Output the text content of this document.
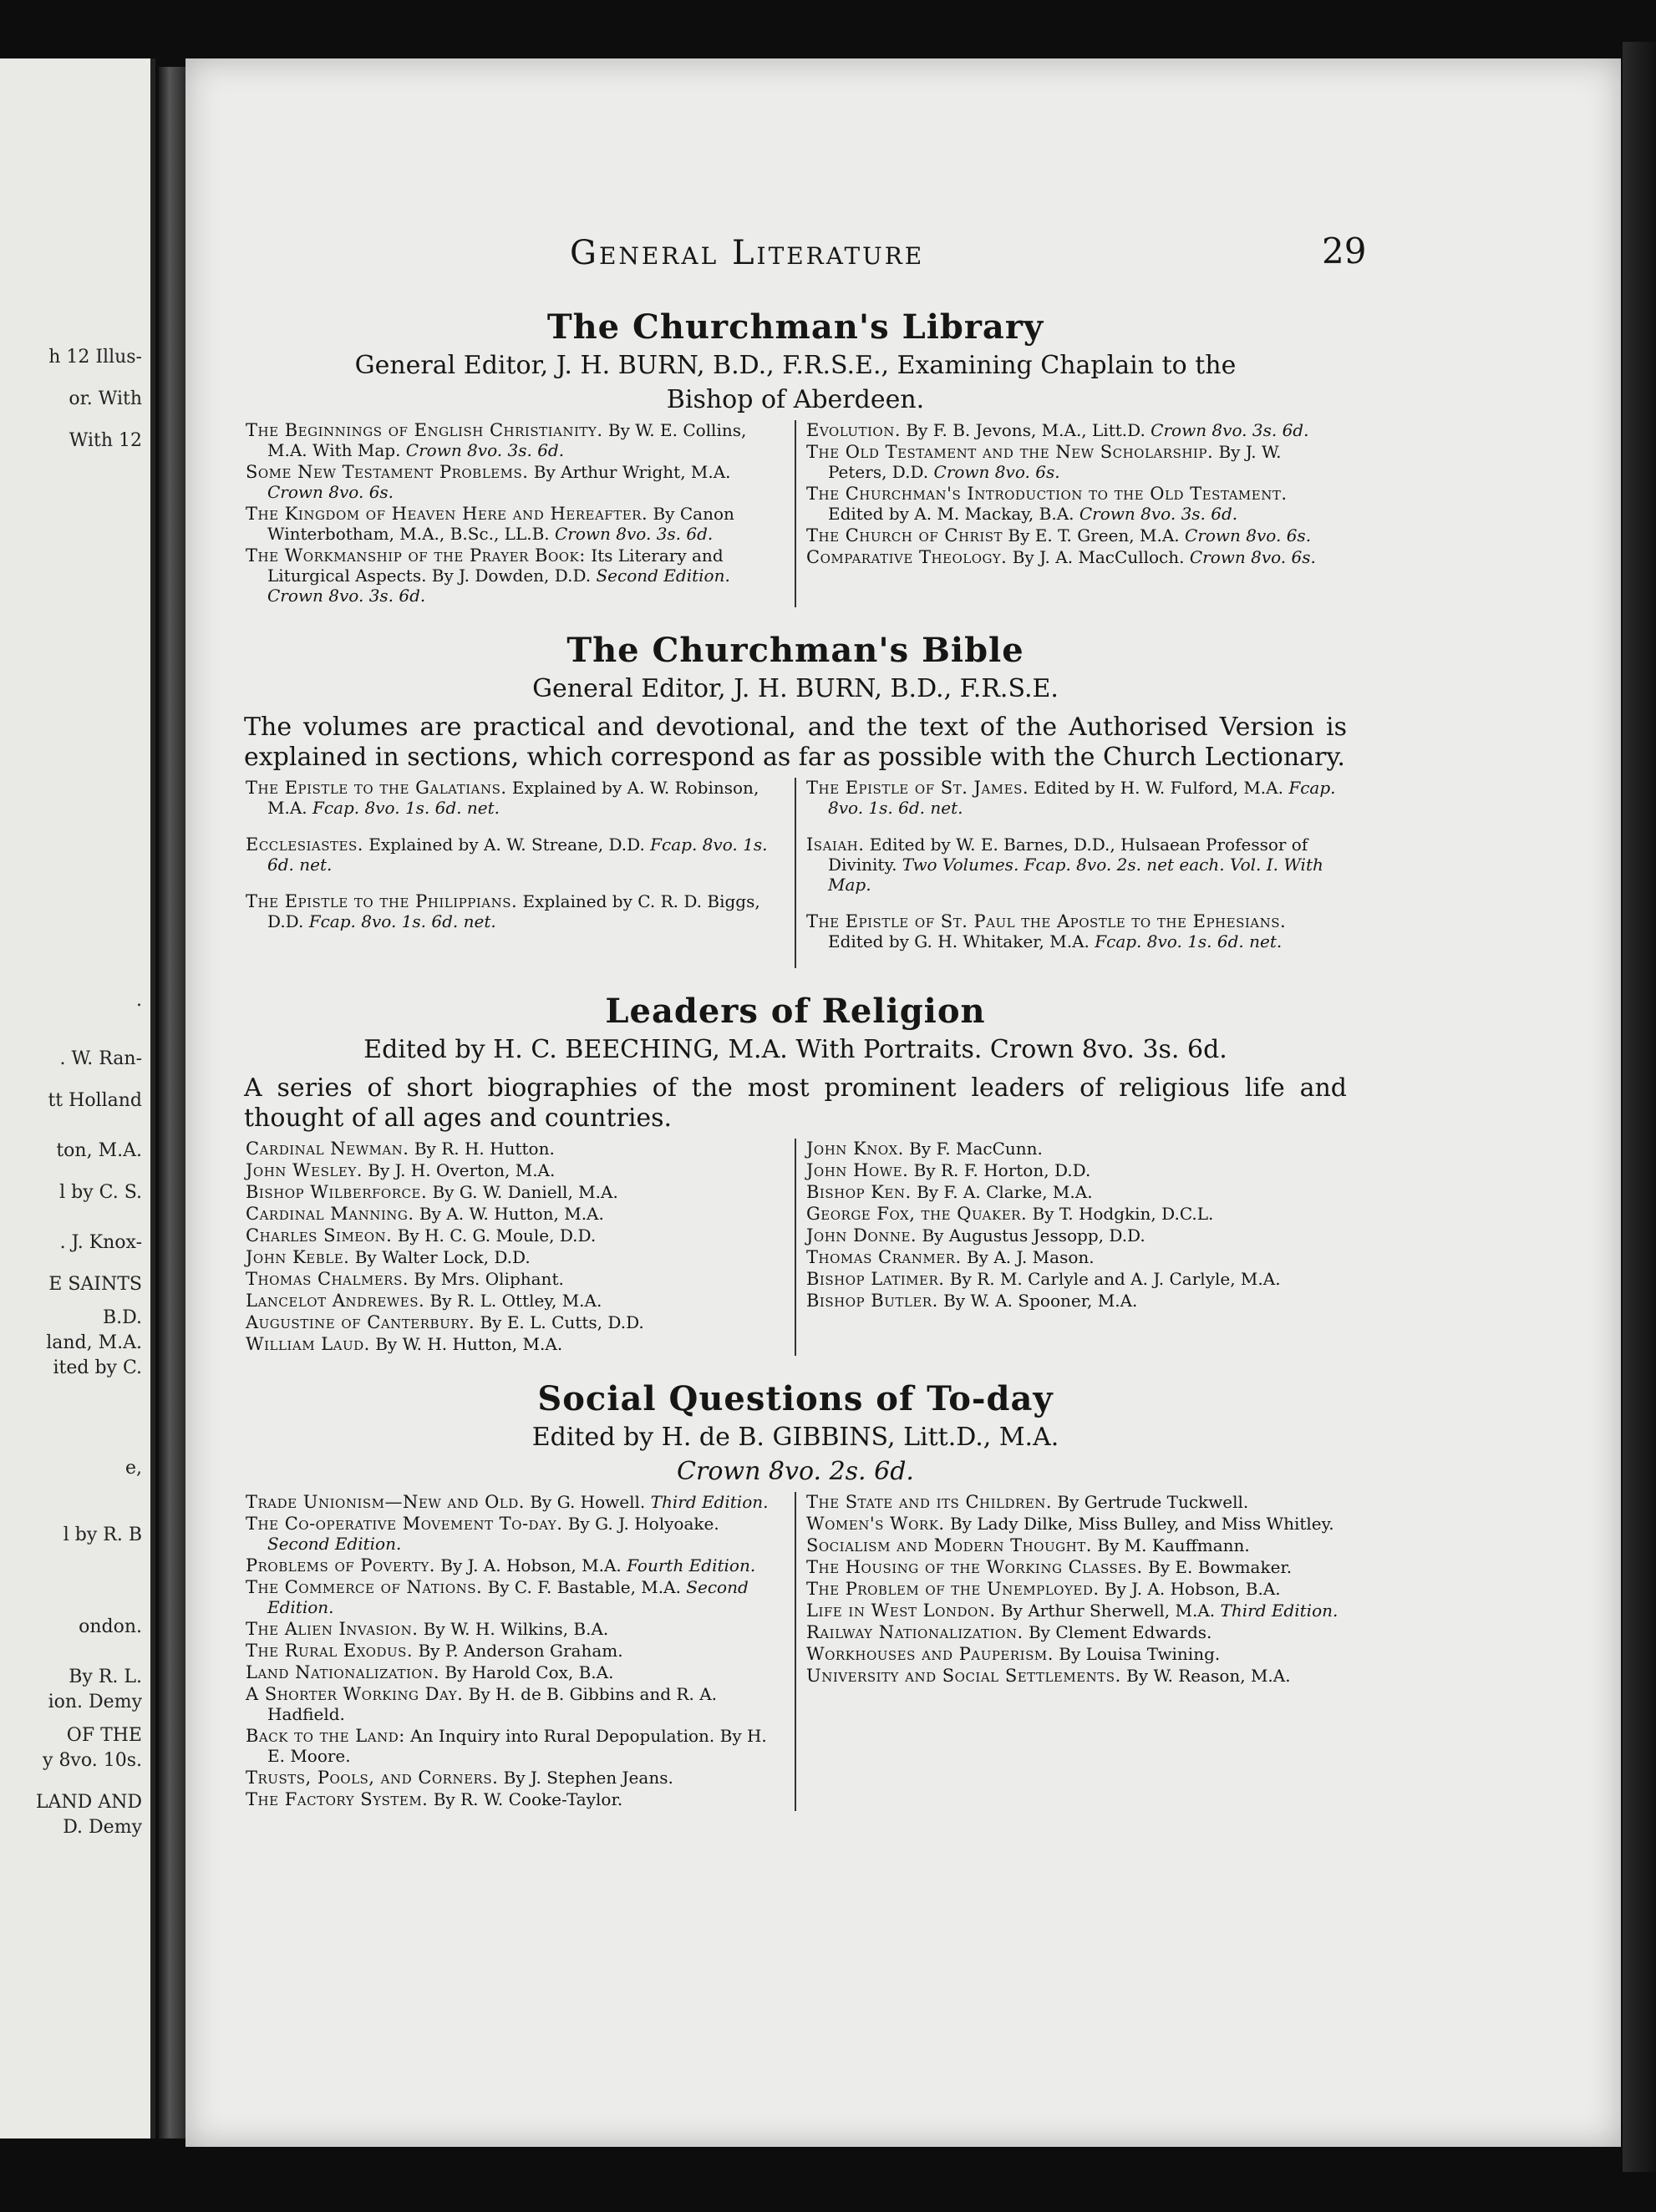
h 12 Illus-
or. With
With 12
.
. W. Ran-
tt Holland
ton, M.A.
l by C. S.
. J. Knox-
E SAINTS
B.D.
land, M.A.
ited by C.
e,
l by R. B
ondon.
By R. L.
ion. Demy
OF THE
y 8vo. 10s.
LAND AND
D. Demy
General Literature	29
The Churchman's Library
General Editor, J. H. BURN, B.D., F.R.S.E., Examining Chaplain to the
Bishop of Aberdeen.
The Beginnings of English Christianity. By W. E. Collins, M.A. With Map. Crown 8vo. 3s. 6d.
Some New Testament Problems. By Arthur Wright, M.A. Crown 8vo. 6s.
The Kingdom of Heaven Here and Hereafter. By Canon Winterbotham, M.A., B.Sc., LL.B. Crown 8vo. 3s. 6d.
The Workmanship of the Prayer Book: Its Literary and Liturgical Aspects. By J. Dowden, D.D. Second Edition. Crown 8vo. 3s. 6d.
Evolution. By F. B. Jevons, M.A., Litt.D. Crown 8vo. 3s. 6d.
The Old Testament and the New Scholarship. By J. W. Peters, D.D. Crown 8vo. 6s.
The Churchman's Introduction to the Old Testament. Edited by A. M. Mackay, B.A. Crown 8vo. 3s. 6d.
The Church of Christ By E. T. Green, M.A. Crown 8vo. 6s.
Comparative Theology. By J. A. MacCulloch. Crown 8vo. 6s.
The Churchman's Bible
General Editor, J. H. BURN, B.D., F.R.S.E.
The volumes are practical and devotional, and the text of the Authorised Version is explained in sections, which correspond as far as possible with the Church Lectionary.
The Epistle to the Galatians. Explained by A. W. Robinson, M.A. Fcap. 8vo. 1s. 6d. net.
Ecclesiastes. Explained by A. W. Streane, D.D. Fcap. 8vo. 1s. 6d. net.
The Epistle to the Philippians. Explained by C. R. D. Biggs, D.D. Fcap. 8vo. 1s. 6d. net.
The Epistle of St. James. Edited by H. W. Fulford, M.A. Fcap. 8vo. 1s. 6d. net.
Isaiah. Edited by W. E. Barnes, D.D., Hulsaean Professor of Divinity. Two Volumes. Fcap. 8vo. 2s. net each. Vol. I. With Map.
The Epistle of St. Paul the Apostle to the Ephesians. Edited by G. H. Whitaker, M.A. Fcap. 8vo. 1s. 6d. net.
Leaders of Religion
Edited by H. C. BEECHING, M.A. With Portraits. Crown 8vo. 3s. 6d.
A series of short biographies of the most prominent leaders of religious life and thought of all ages and countries.
Cardinal Newman. By R. H. Hutton.
John Wesley. By J. H. Overton, M.A.
Bishop Wilberforce. By G. W. Daniell, M.A.
Cardinal Manning. By A. W. Hutton, M.A.
Charles Simeon. By H. C. G. Moule, D.D.
John Keble. By Walter Lock, D.D.
Thomas Chalmers. By Mrs. Oliphant.
Lancelot Andrewes. By R. L. Ottley, M.A.
Augustine of Canterbury. By E. L. Cutts, D.D.
William Laud. By W. H. Hutton, M.A.
John Knox. By F. MacCunn.
John Howe. By R. F. Horton, D.D.
Bishop Ken. By F. A. Clarke, M.A.
George Fox, the Quaker. By T. Hodgkin, D.C.L.
John Donne. By Augustus Jessopp, D.D.
Thomas Cranmer. By A. J. Mason.
Bishop Latimer. By R. M. Carlyle and A. J. Carlyle, M.A.
Bishop Butler. By W. A. Spooner, M.A.
Social Questions of To-day
Edited by H. de B. GIBBINS, Litt.D., M.A.
Crown 8vo. 2s. 6d.
Trade Unionism—New and Old. By G. Howell. Third Edition.
The Co-operative Movement To-day. By G. J. Holyoake. Second Edition.
Problems of Poverty. By J. A. Hobson, M.A. Fourth Edition.
The Commerce of Nations. By C. F. Bastable, M.A. Second Edition.
The Alien Invasion. By W. H. Wilkins, B.A.
The Rural Exodus. By P. Anderson Graham.
Land Nationalization. By Harold Cox, B.A.
A Shorter Working Day. By H. de B. Gibbins and R. A. Hadfield.
Back to the Land: An Inquiry into Rural Depopulation. By H. E. Moore.
Trusts, Pools, and Corners. By J. Stephen Jeans.
The Factory System. By R. W. Cooke-Taylor.
The State and its Children. By Gertrude Tuckwell.
Women's Work. By Lady Dilke, Miss Bulley, and Miss Whitley.
Socialism and Modern Thought. By M. Kauffmann.
The Housing of the Working Classes. By E. Bowmaker.
The Problem of the Unemployed. By J. A. Hobson, B.A.
Life in West London. By Arthur Sherwell, M.A. Third Edition.
Railway Nationalization. By Clement Edwards.
Workhouses and Pauperism. By Louisa Twining.
University and Social Settlements. By W. Reason, M.A.
